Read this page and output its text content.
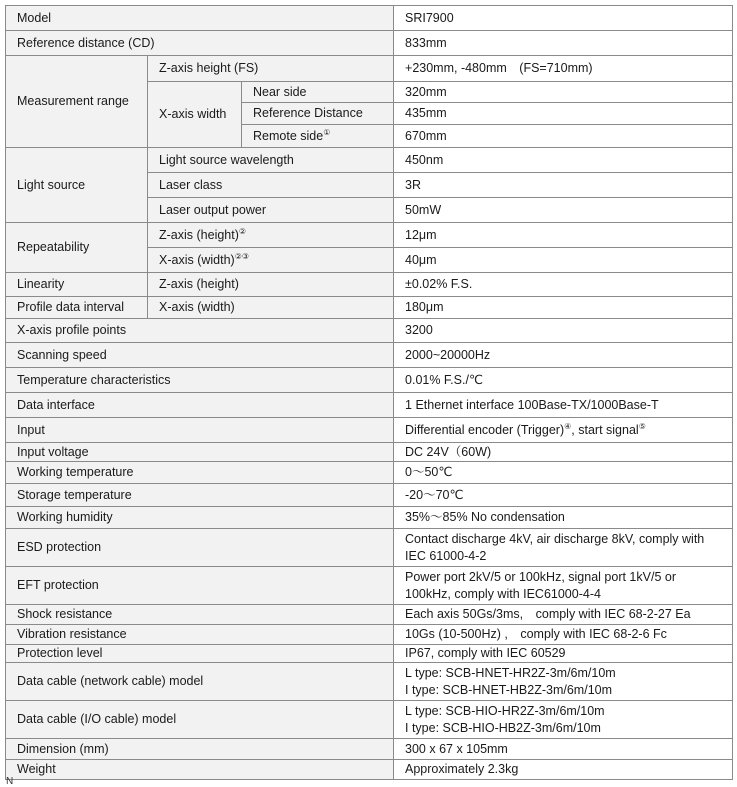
Model			SRI7900
Reference distance (CD)			833mm
Measurement range	Z-axis height (FS)		+230mm, -480mm　(FS=710mm)
	X-axis width	Near side	320mm
		Reference Distance	435mm
		Remote side①	670mm
Light source	Light source wavelength		450nm
	Laser class		3R
	Laser output power		50mW
Repeatability	Z-axis (height)②		12μm
	X-axis (width)②③		40μm
Linearity	Z-axis (height)		±0.02% F.S.
Profile data interval	X-axis (width)		180μm
X-axis profile points			3200
Scanning speed			2000~20000Hz
Temperature characteristics			0.01% F.S./℃
Data interface			1 Ethernet interface 100Base-TX/1000Base-T
Input			Differential encoder (Trigger)④, start signal⑤
Input voltage			DC 24V（60W)
Working temperature			0～50℃
Storage temperature			-20～70℃
Working humidity			35%～85% No condensation
ESD protection			Contact discharge 4kV, air discharge 8kV, comply with
IEC 61000-4-2

EFT protection			Power port 2kV/5 or 100kHz, signal port 1kV/5 or
100kHz, comply with IEC61000-4-4

Shock resistance			Each axis 50Gs/3ms,　comply with IEC 68-2-27 Ea
Vibration resistance			10Gs (10-500Hz) ,　comply with IEC 68-2-6 Fc
Protection level			IP67, comply with IEC 60529
Data cable (network cable) model			L type: SCB-HNET-HR2Z-3m/6m/10m
I type: SCB-HNET-HB2Z-3m/6m/10m

Data cable (I/O cable) model			L type: SCB-HIO-HR2Z-3m/6m/10m
I type: SCB-HIO-HB2Z-3m/6m/10m

Dimension (mm)			300 x 67 x 105mm
Weight			Approximately 2.3kg
N
